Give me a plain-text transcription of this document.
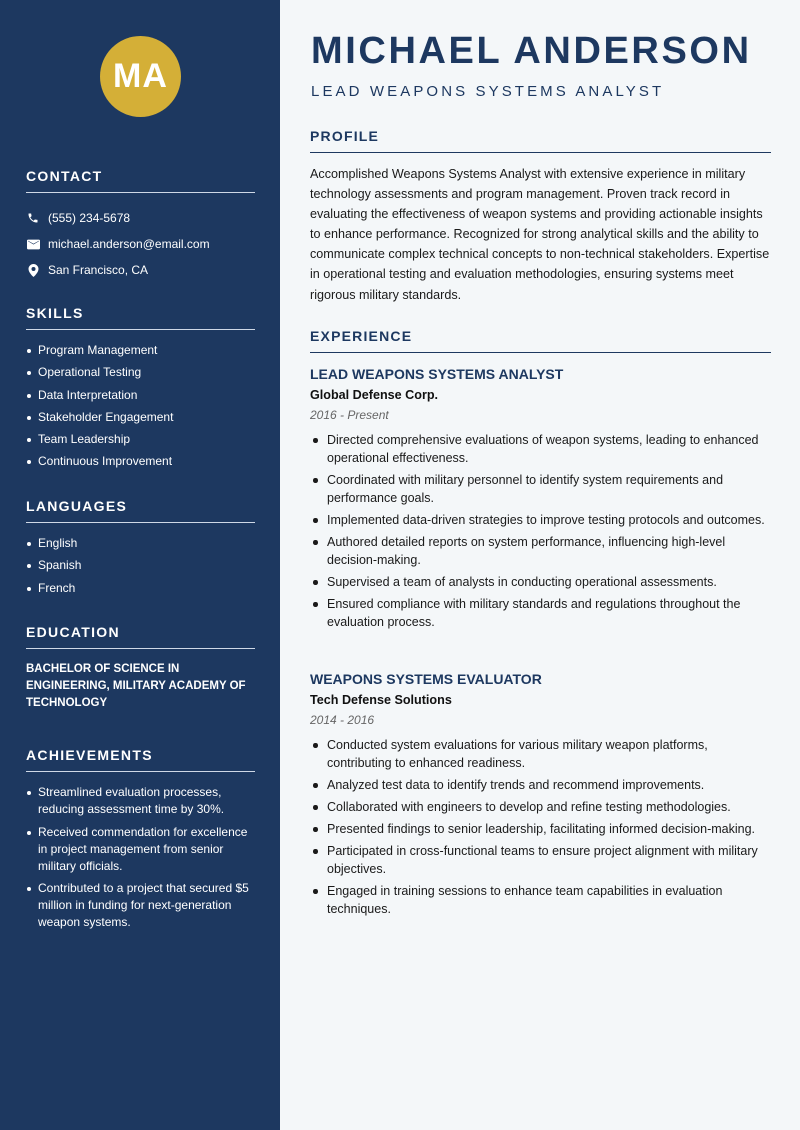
MA
CONTACT
(555) 234-5678
michael.anderson@email.com
San Francisco, CA
SKILLS
Program Management
Operational Testing
Data Interpretation
Stakeholder Engagement
Team Leadership
Continuous Improvement
LANGUAGES
English
Spanish
French
EDUCATION
BACHELOR OF SCIENCE IN ENGINEERING, MILITARY ACADEMY OF TECHNOLOGY
ACHIEVEMENTS
Streamlined evaluation processes, reducing assessment time by 30%.
Received commendation for excellence in project management from senior military officials.
Contributed to a project that secured $5 million in funding for next-generation weapon systems.
MICHAEL ANDERSON
LEAD WEAPONS SYSTEMS ANALYST
PROFILE
Accomplished Weapons Systems Analyst with extensive experience in military technology assessments and program management. Proven track record in evaluating the effectiveness of weapon systems and providing actionable insights to enhance performance. Recognized for strong analytical skills and the ability to communicate complex technical concepts to non-technical stakeholders. Expertise in operational testing and evaluation methodologies, ensuring systems meet rigorous military standards.
EXPERIENCE
LEAD WEAPONS SYSTEMS ANALYST
Global Defense Corp.
2016 - Present
Directed comprehensive evaluations of weapon systems, leading to enhanced operational effectiveness.
Coordinated with military personnel to identify system requirements and performance goals.
Implemented data-driven strategies to improve testing protocols and outcomes.
Authored detailed reports on system performance, influencing high-level decision-making.
Supervised a team of analysts in conducting operational assessments.
Ensured compliance with military standards and regulations throughout the evaluation process.
WEAPONS SYSTEMS EVALUATOR
Tech Defense Solutions
2014 - 2016
Conducted system evaluations for various military weapon platforms, contributing to enhanced readiness.
Analyzed test data to identify trends and recommend improvements.
Collaborated with engineers to develop and refine testing methodologies.
Presented findings to senior leadership, facilitating informed decision-making.
Participated in cross-functional teams to ensure project alignment with military objectives.
Engaged in training sessions to enhance team capabilities in evaluation techniques.
